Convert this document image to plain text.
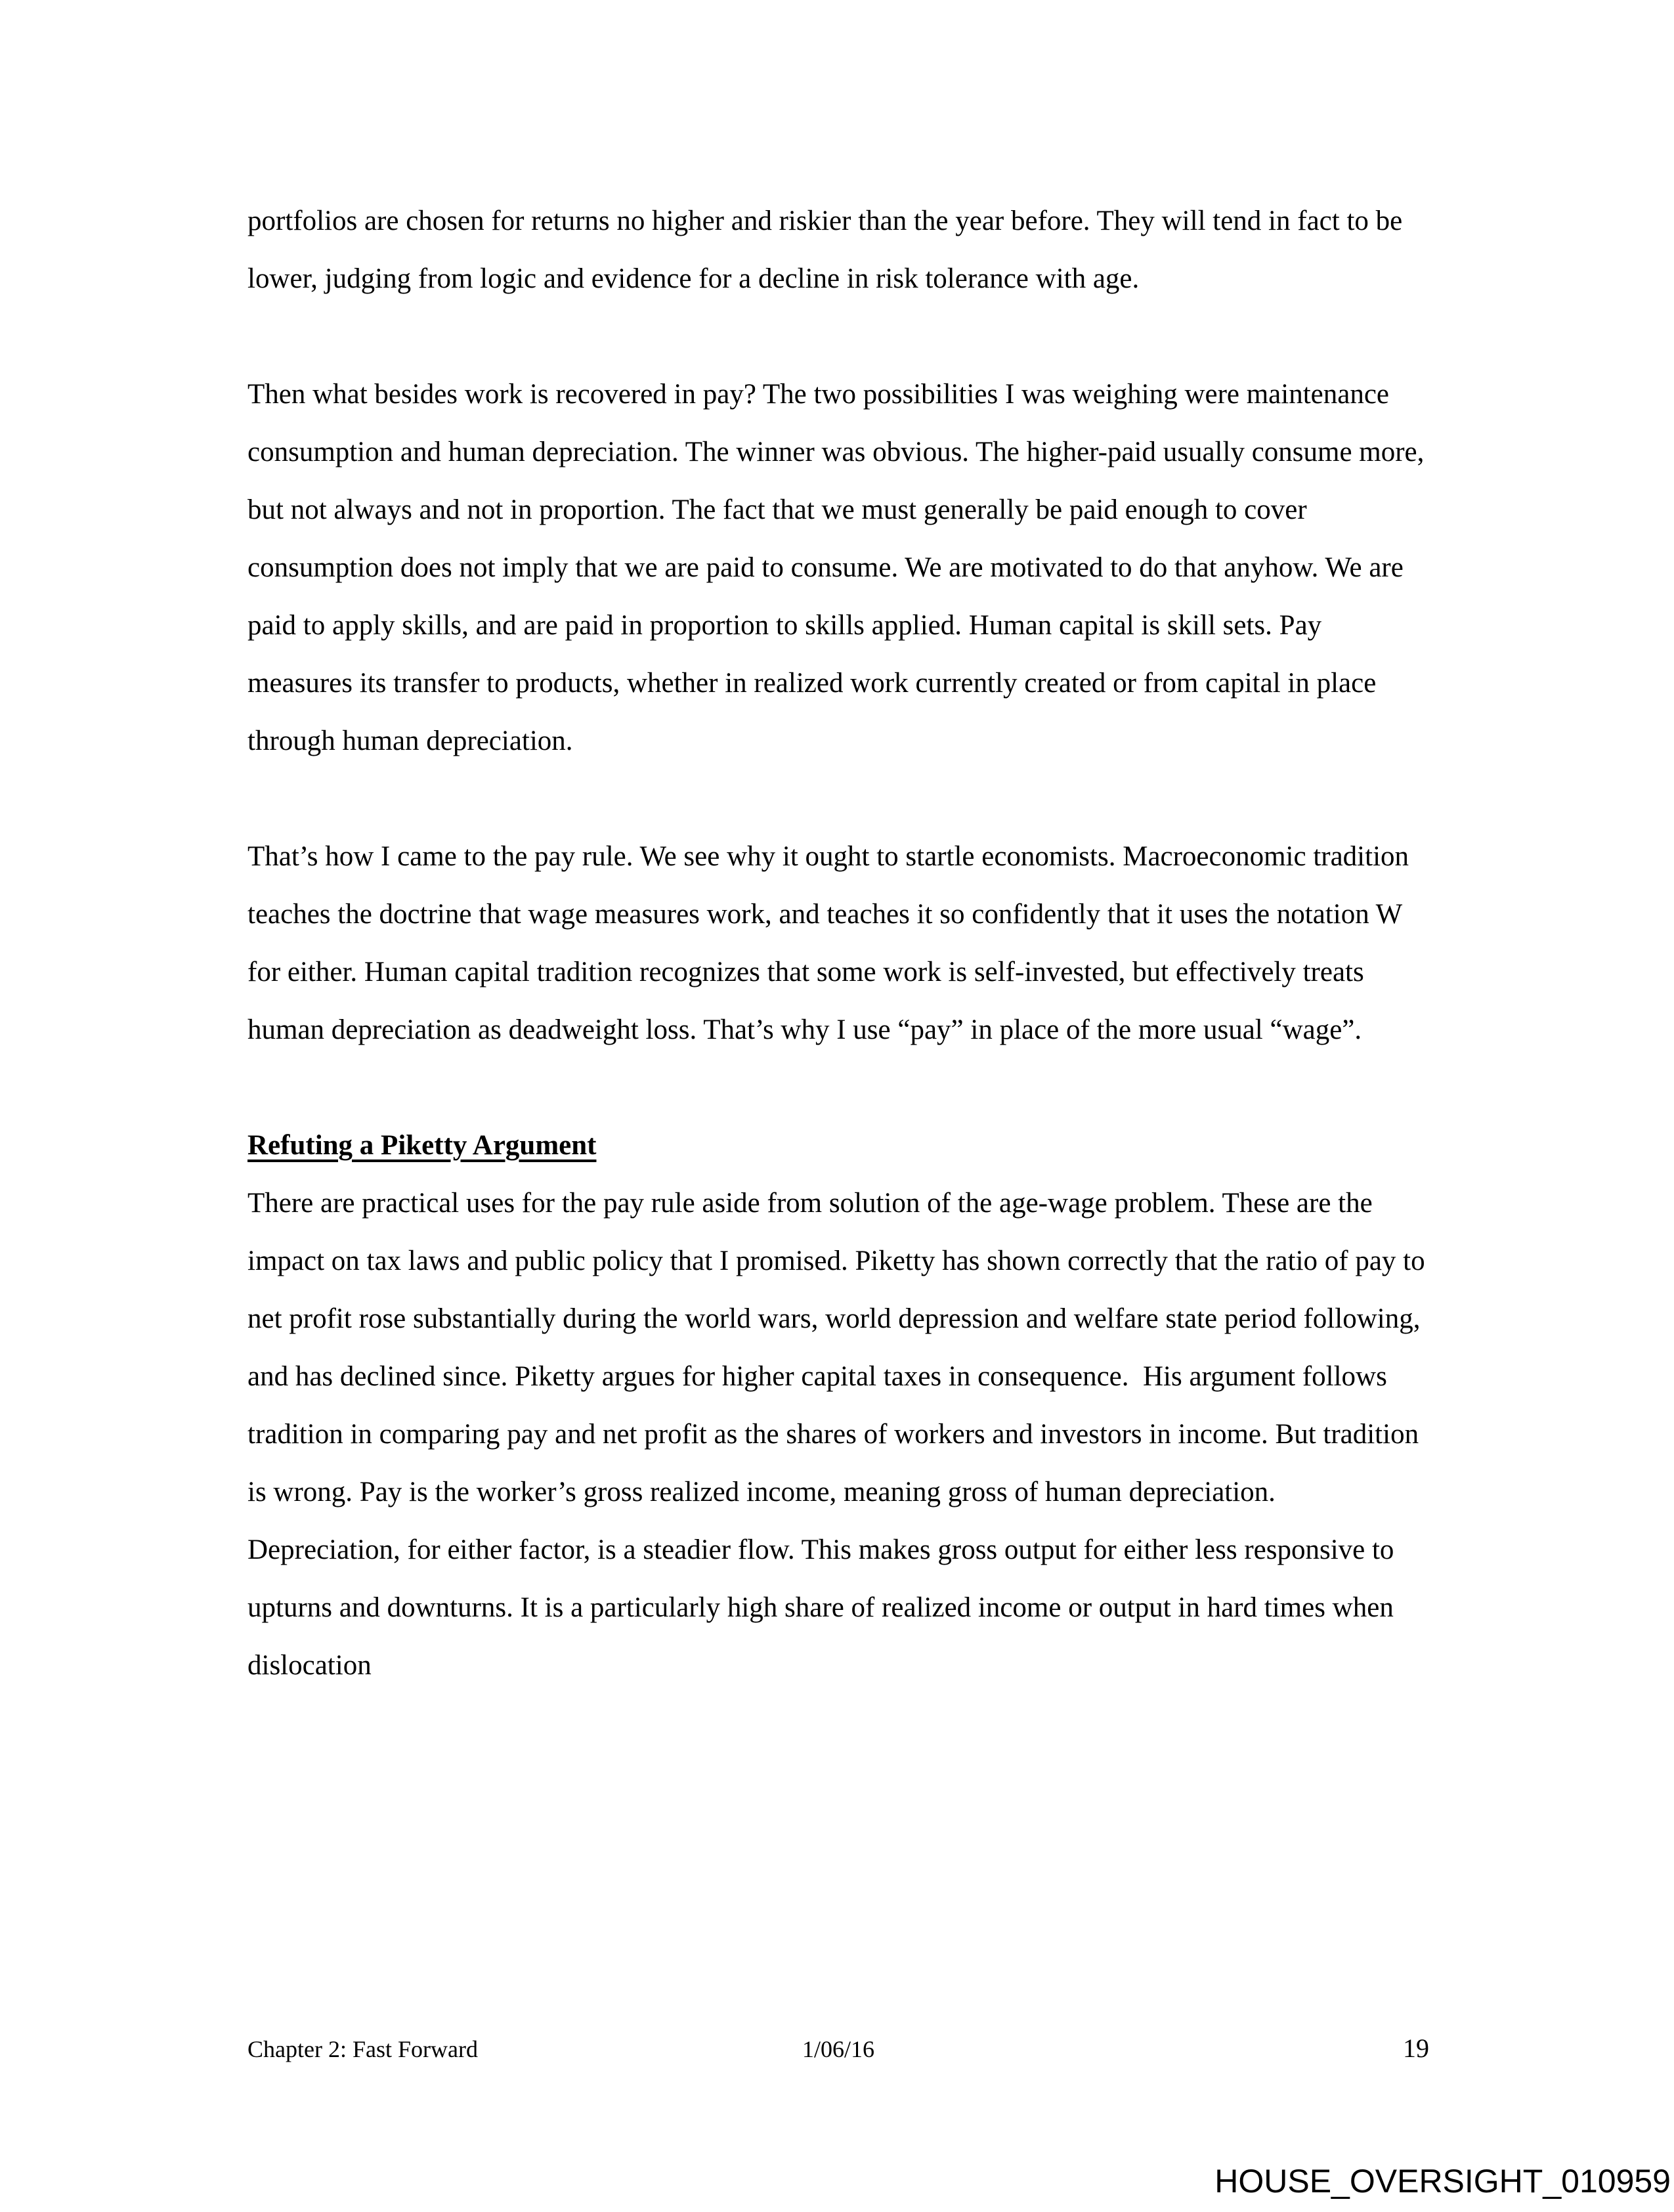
portfolios are chosen for returns no higher and riskier than the year before. They will tend in fact to be lower, judging from logic and evidence for a decline in risk tolerance with age.

Then what besides work is recovered in pay? The two possibilities I was weighing were maintenance consumption and human depreciation. The winner was obvious. The higher-paid usually consume more, but not always and not in proportion. The fact that we must generally be paid enough to cover consumption does not imply that we are paid to consume. We are motivated to do that anyhow. We are paid to apply skills, and are paid in proportion to skills applied. Human capital is skill sets. Pay measures its transfer to products, whether in realized work currently created or from capital in place through human depreciation.

That’s how I came to the pay rule. We see why it ought to startle economists. Macroeconomic tradition teaches the doctrine that wage measures work, and teaches it so confidently that it uses the notation W for either. Human capital tradition recognizes that some work is self-invested, but effectively treats human depreciation as deadweight loss. That’s why I use “pay” in place of the more usual “wage”.

Refuting a Piketty Argument

There are practical uses for the pay rule aside from solution of the age-wage problem. These are the impact on tax laws and public policy that I promised. Piketty has shown correctly that the ratio of pay to net profit rose substantially during the world wars, world depression and welfare state period following, and has declined since. Piketty argues for higher capital taxes in consequence.  His argument follows tradition in comparing pay and net profit as the shares of workers and investors in income. But tradition is wrong. Pay is the worker’s gross realized income, meaning gross of human depreciation.  Depreciation, for either factor, is a steadier flow. This makes gross output for either less responsive to upturns and downturns. It is a particularly high share of realized income or output in hard times when dislocation

Chapter 2: Fast Forward	1/06/16	19
HOUSE_OVERSIGHT_010959
